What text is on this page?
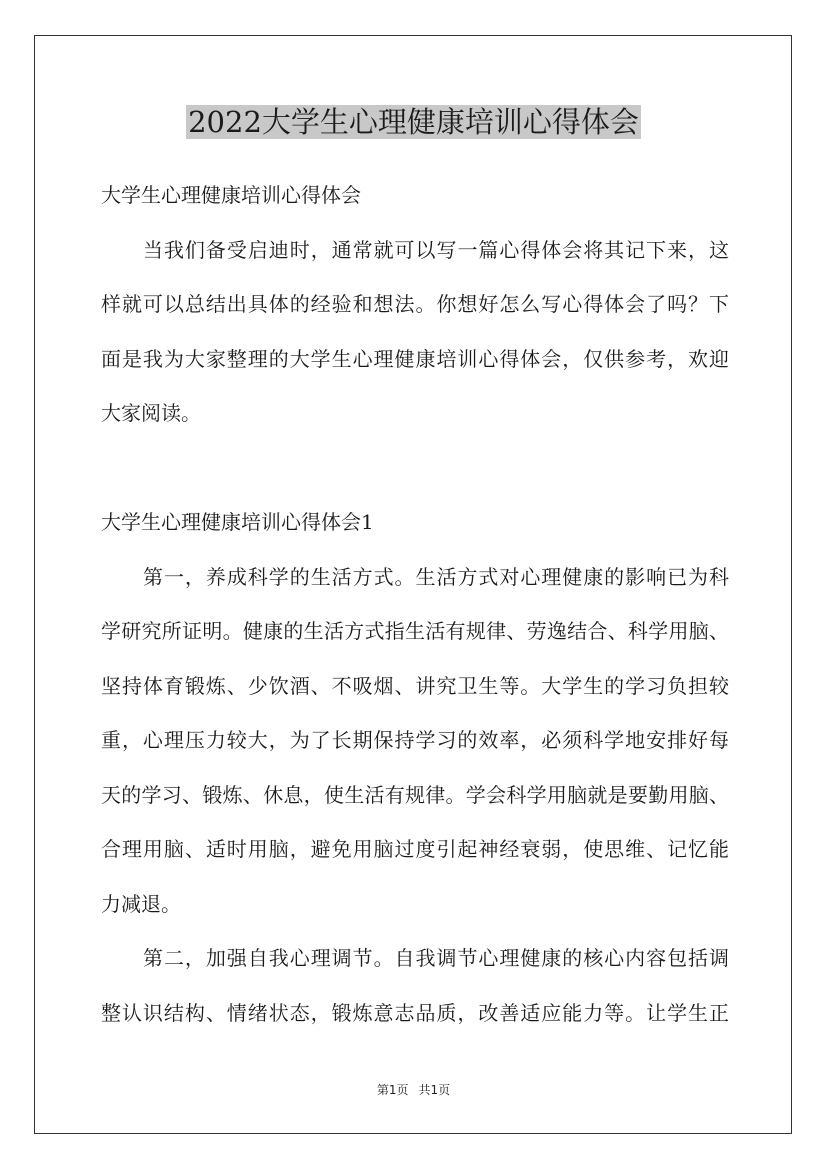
2022大学生心理健康培训心得体会
大学生心理健康培训心得体会
当我们备受启迪时，通常就可以写一篇心得体会将其记下来，这
样就可以总结出具体的经验和想法。你想好怎么写心得体会了吗？下
面是我为大家整理的大学生心理健康培训心得体会，仅供参考，欢迎
大家阅读。
大学生心理健康培训心得体会1
第一，养成科学的生活方式。生活方式对心理健康的影响已为科
学研究所证明。健康的生活方式指生活有规律、劳逸结合、科学用脑、
坚持体育锻炼、少饮酒、不吸烟、讲究卫生等。大学生的学习负担较
重，心理压力较大，为了长期保持学习的效率，必须科学地安排好每
天的学习、锻炼、休息，使生活有规律。学会科学用脑就是要勤用脑、
合理用脑、适时用脑，避免用脑过度引起神经衰弱，使思维、记忆能
力减退。
第二，加强自我心理调节。自我调节心理健康的核心内容包括调
整认识结构、情绪状态，锻炼意志品质，改善适应能力等。让学生正
第1页 共1页
